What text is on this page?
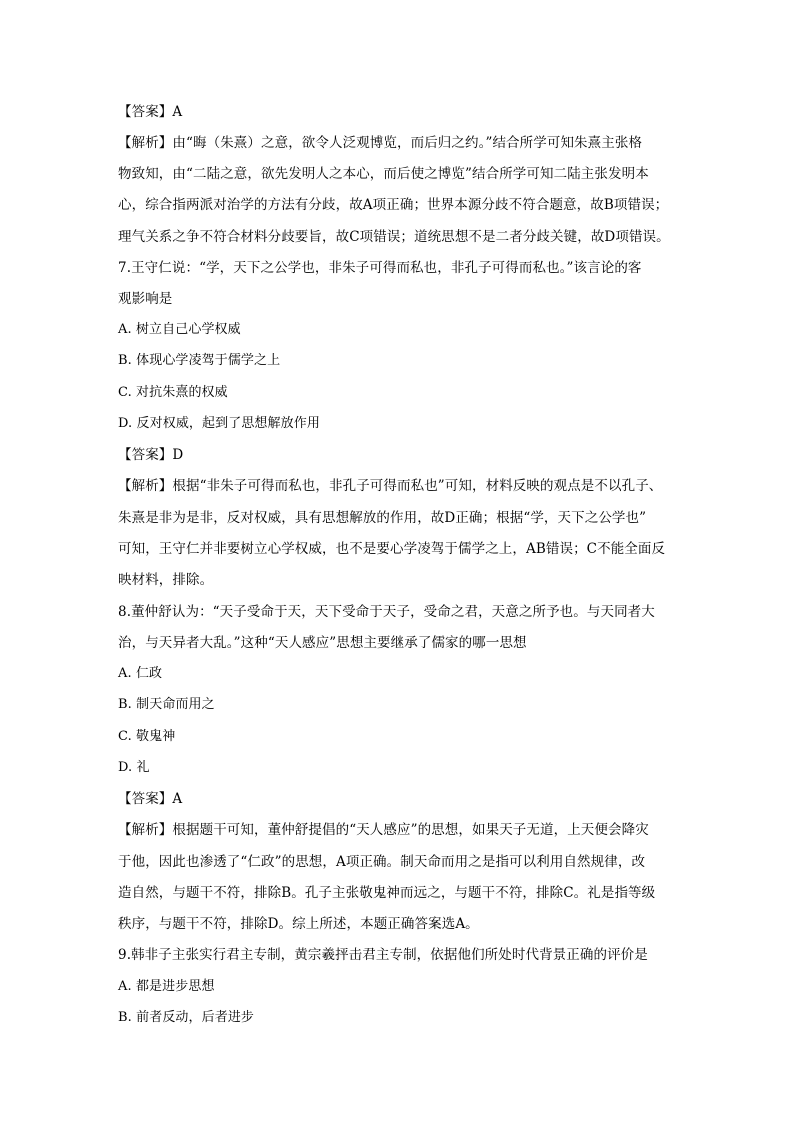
【答案】A
【解析】由“晦（朱熹）之意，欲令人泛观博览，而后归之约。”结合所学可知朱熹主张格
物致知，由“二陆之意，欲先发明人之本心，而后使之博览”结合所学可知二陆主张发明本
心，综合指两派对治学的方法有分歧，故A项正确；世界本源分歧不符合题意，故B项错误；
理气关系之争不符合材料分歧要旨，故C项错误；道统思想不是二者分歧关键，故D项错误。
7.王守仁说：“学，天下之公学也，非朱子可得而私也，非孔子可得而私也。”该言论的客
观影响是
A. 树立自己心学权威
B. 体现心学凌驾于儒学之上
C. 对抗朱熹的权威
D. 反对权威，起到了思想解放作用
【答案】D
【解析】根据“非朱子可得而私也，非孔子可得而私也”可知，材料反映的观点是不以孔子、
朱熹是非为是非，反对权威，具有思想解放的作用，故D正确；根据“学，天下之公学也”
可知，王守仁并非要树立心学权威，也不是要心学凌驾于儒学之上，AB错误；C不能全面反
映材料，排除。
8.董仲舒认为：“天子受命于天，天下受命于天子，受命之君，天意之所予也。与天同者大
治，与天异者大乱。”这种“天人感应”思想主要继承了儒家的哪一思想
A. 仁政
B. 制天命而用之
C. 敬鬼神
D. 礼
【答案】A
【解析】根据题干可知，董仲舒提倡的“天人感应”的思想，如果天子无道，上天便会降灾
于他，因此也渗透了“仁政”的思想，A项正确。制天命而用之是指可以利用自然规律，改
造自然，与题干不符，排除B。孔子主张敬鬼神而远之，与题干不符，排除C。礼是指等级
秩序，与题干不符，排除D。综上所述，本题正确答案选A。
9.韩非子主张实行君主专制，黄宗羲抨击君主专制，依据他们所处时代背景正确的评价是
A. 都是进步思想
B. 前者反动，后者进步
